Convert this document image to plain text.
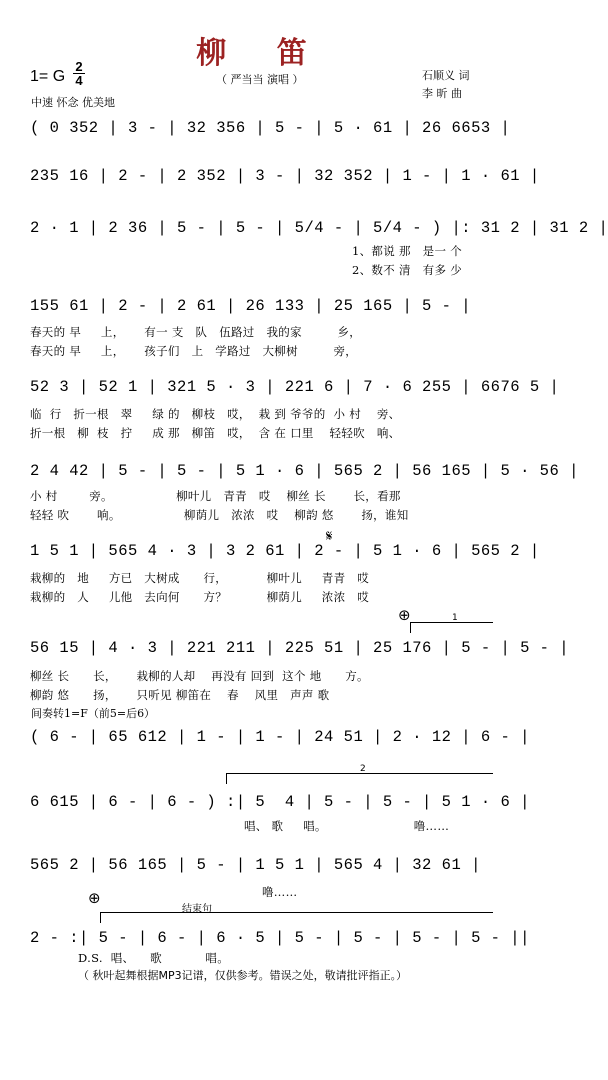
柳 笛
1= G
2
4	（ 严当当 演唱 ）	石顺义 词
李 昕 曲
中速 怀念 优美地
( 0 352 | 3 - | 32 356 | 5 - | 5 · 61 | 26 6653 |
235 16 | 2 - | 2 352 | 3 - | 32 352 | 1 - | 1 · 61 |
2 · 1 | 2 36 | 5 - | 5 - | 5/4 - | 5/4 - ) |: 31 2 | 31 2 |
1、都说 那   是一 个
2、数不 清   有多 少
155 61 | 2 - | 2 61 | 26 133 | 25 165 | 5 - |
春天的 早     上，     有一 支   队   伍路过   我的家         乡，
春天的 早     上，     孩子们   上   学路过   大柳树         旁，
52 3 | 52 1 | 321 5 · 3 | 221 6 | 7 · 6 255 | 6676 5 |
临  行   折一根   翠     绿 的   柳枝   哎，  栽 到 爷爷的  小 村    旁、
折一根   柳  枝   拧     成 那   柳笛   哎，  含 在 口里    轻轻吹   响、
2 4 42 | 5 - | 5 - | 5 1 · 6 | 565 2 | 56 165 | 5 · 56 |
小 村        旁。                柳叶儿   青青   哎    柳丝 长       长，看那
轻轻 吹       响。                柳荫儿   浓浓   哎    柳韵 悠       扬，谁知
1 5 1 | 565 4 · 3 | 3 2 61 | 2 - | 5 1 · 6 | 565 2 |
𝄋
栽柳的   地     方已   大树成      行，          柳叶儿     青青   哎
栽柳的   人     儿他   去向何      方？          柳荫儿     浓浓   哎
⊕	1
56 15 | 4 · 3 | 221 211 | 225 51 | 25 176 | 5 - | 5 - |
柳丝 长      长，     栽柳的人却    再没有 回到  这个 地      方。
柳韵 悠      扬，     只听见 柳笛在    春    风里   声声 歌
间奏转1=F（前5=后6）
( 6 - | 65 612 | 1 - | 1 - | 24 51 | 2 · 12 | 6 - |
2
6 615 | 6 - | 6 - ) :| 5  4 | 5 - | 5 - | 5 1 · 6 |
唱、 歌     唱。                      噜……
565 2 | 56 165 | 5 - | 1 5 1 | 565 4 | 32 61 |
噜……
⊕
结束句
2 - :| 5 - | 6 - | 6 · 5 | 5 - | 5 - | 5 - | 5 - ||
D.S.  唱、    歌           唱。
（ 秋叶起舞根据MP3记谱，仅供参考。错误之处，敬请批评指正。）
